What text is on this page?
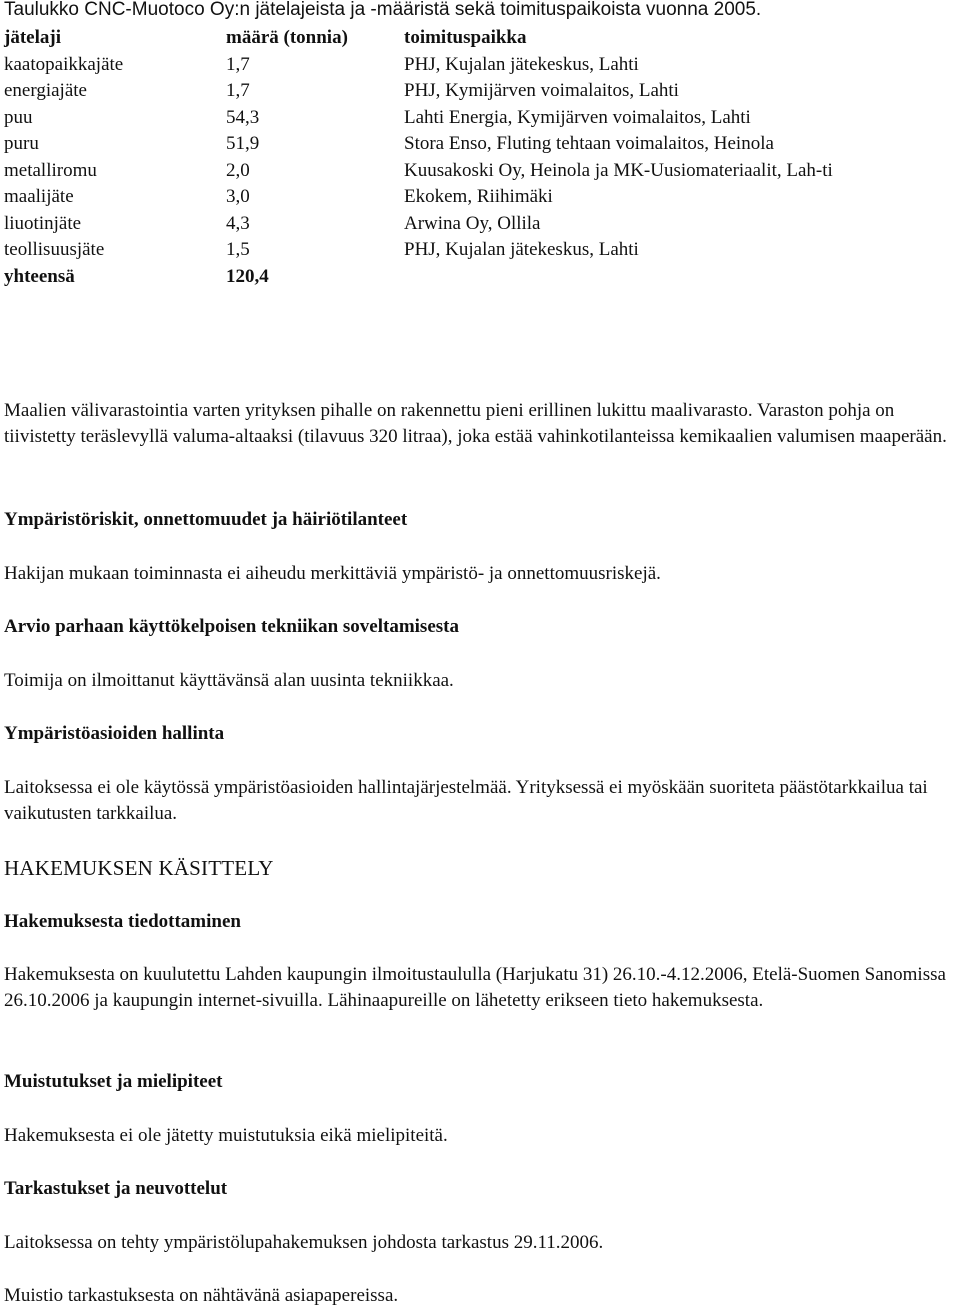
Taulukko CNC-Muotoco Oy:n jätelajeista ja -määristä sekä toimituspaikoista vuonna 2005.
jätelaji	määrä (tonnia)	toimituspaikka
kaatopaikkajäte	1,7	PHJ, Kujalan jätekeskus, Lahti
energiajäte	1,7	PHJ, Kymijärven voimalaitos, Lahti
puu	54,3	Lahti Energia, Kymijärven voimalaitos, Lahti
puru	51,9	Stora Enso, Fluting tehtaan voimalaitos, Heinola
metalliromu	2,0	Kuusakoski Oy, Heinola ja MK-Uusiomateriaalit, Lah-ti
maalijäte	3,0	Ekokem, Riihimäki
liuotinjäte	4,3	Arwina Oy, Ollila
teollisuusjäte	1,5	PHJ, Kujalan jätekeskus, Lahti
yhteensä	120,4	
Maalien välivarastointia varten yrityksen pihalle on rakennettu pieni erillinen lukittu maalivarasto. Varaston pohja on tiivistetty teräslevyllä valuma-altaaksi (tilavuus 320 litraa), joka estää vahinkotilanteissa kemikaalien valumisen maaperään.
Ympäristöriskit, onnettomuudet ja häiriötilanteet
Hakijan mukaan toiminnasta ei aiheudu merkittäviä ympäristö- ja onnettomuusriskejä.
Arvio parhaan käyttökelpoisen tekniikan soveltamisesta
Toimija on ilmoittanut käyttävänsä alan uusinta tekniikkaa.
Ympäristöasioiden hallinta
Laitoksessa ei ole käytössä ympäristöasioiden hallintajärjestelmää. Yrityksessä ei myöskään suoriteta päästötarkkailua tai vaikutusten tarkkailua.
HAKEMUKSEN KÄSITTELY
Hakemuksesta tiedottaminen
Hakemuksesta on kuulutettu Lahden kaupungin ilmoitustaululla (Harjukatu 31) 26.10.-4.12.2006, Etelä-Suomen Sanomissa 26.10.2006 ja kaupungin internet-sivuilla. Lähinaapureille on lähetetty erikseen tieto hakemuksesta.
Muistutukset ja mielipiteet
Hakemuksesta ei ole jätetty muistutuksia eikä mielipiteitä.
Tarkastukset ja neuvottelut
Laitoksessa on tehty ympäristölupahakemuksen johdosta tarkastus 29.11.2006.
Muistio tarkastuksesta on nähtävänä asiapapereissa.
